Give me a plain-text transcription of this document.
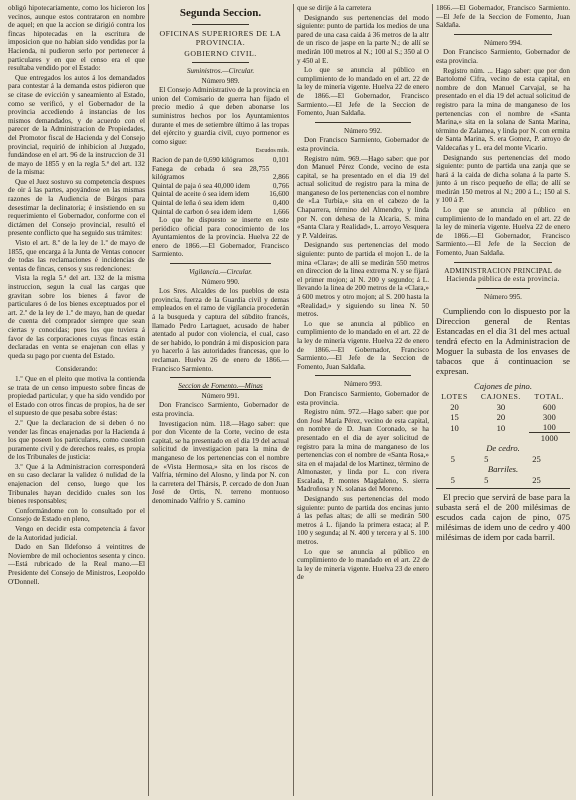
obligó hipotecariamente, como los hicieron los vecinos, aunque estos contrataron en nombre de aquel; en que la accion se dirigió contra los fincas hipotecadas en la escritura de imposicion que no habian sido vendidas por la Hacienda, ni pudieron serlo por pertenecer á particulares y en que el censo era el que resultaba vendido por el Estado:

Que entregados los autos á los demandados para contestar á la demanda estos pidieron que se citase de evicción y saneamiento al Estado, como se verificó, y el Gobernador de la provincia accediendo á instancias de los mismos demandados, y de acuerdo con el parecer de la Administracion de Propiedades, del Promotor fiscal de Hacienda y del Consejo provincial, requirió de inhibicion al Juzgado, fundándose en el art. 96 de la instruccion de 31 de mayo de 1855 y en la regla 5.ª del art. 132 de la misma:

Que el Juez sostuvo su competencia despues de oir á las partes, apoyándose en las mismas razones de la Audiencia de Búrgos para desestimar la declinatoria; é insistiendo en su requerimiento el Gobernador, conforme con el dictámen del Consejo provincial, resultó el presente conflicto que ha seguido sus trámites:

Visto el art. 8.º de la ley de 1.º de mayo de 1855, que encarga á la Junta de Ventas conocer de todas las reclamaciones é incidencias de ventas de fincas, censos y sus redenciones:

Vista la regla 5.ª del art. 132 de la misma instruccion, segun la cual las cargas que gravitan sobre los bienes á favor de particulares ó de los bienes exceptuados por el art. 2.º de la ley de 1.º de mayo, han de quedar de cuenta del comprador siempre que sean ciertas y conocidas; pues los que tuviera á favor de las corporaciones cuyas fincas están declaradas en venta se enajenan con ellas y queda su pago por cuenta del Estado.

Considerando:

1.º Que en el pleito que motiva la contienda se trata de un censo impuesto sobre fincas de propiedad particular, y que ha sido vendido por el Estado con otros fincas de propios, ha de ser el supuesto de que pesaba sobre éstas:

2.º Que la declaracion de si deben ó no vender las fincas enajenadas por la Hacienda á los que poseen los particulares, como cuestion puramente civil y de derechos reales, es propia de los Tribunales de justicia:

3.º Que á la Administracion corresponderá en su caso declarar la validez ó nulidad de la enajenacion del censo, luego que los Tribunales hayan decidido cuales son los bienes responsables;

Conformándome con lo consultado por el Consejo de Estado en pleno,

Vengo en decidir esta competencia á favor de la Autoridad judicial.

Dado en San Ildefonso á veintitres de Noviembre de mil ochocientos sesenta y cinco.—Está rubricado de la Real mano.—El Presidente del Consejo de Ministros, Leopoldo O'Donnell.

Segunda Seccion.
OFICINAS SUPERIORES DE LA PROVINCIA.
GOBIERNO CIVIL.

Suministros.—Circular.

Número 989.

El Consejo Administrativo de la provincia en union del Comisario de guerra han fijado el precio medio á que deben abonarse los suministros hechos por los Ayuntamientos durante el mes de setiembre último á las tropas del ejército y guardia civil, cuyo pormenor es como sigue:

Escudos mils.
Racion de pan de 0,690 kilógramos	0,101
Fanega de cebada ó sea 28,755 kilógramos	2,866
Quintal de paja ó sea 40,000 idem	0,766
Quintal de aceite ó sea idem idem	16,600
Quintal de leña ó sea idem idem	0,400
Quintal de carbon ó sea idem idem	1,666

Lo que he dispuesto se inserte en este periódico oficial para conocimiento de los Ayuntamientos de la provincia. Huelva 22 de enero de 1866.—El Gobernador, Francisco Sarmiento.

Vigilancia.—Circular.

Número 990.

Los Sres. Alcaldes de los pueblos de esta provincia, fuerza de la Guardia civil y demas empleados en el ramo de vigilancia procederán á la busqueda y captura del súbdito francés, llamado Pedro Lartaguet, acusado de haber atentado al pudor con violencia, el cual, caso de ser habido, lo pondrán á mi disposicion para yo hacerlo á las autoridades francesas, que lo reclaman. Huelva 26 de enero de 1866.—Francisco Sarmiento.

Seccion de Fomento.—Minas

Número 991.

Don Francisco Sarmiento, Gobernador de esta provincia.

Investigacion núm. 118.—Hago saber: que por don Vicente de la Corte, vecino de esta capital, se ha presentado en el dia 19 del actual solicitud de investigacion para la mina de manganeso de los pertenencias con el nombre de «Vista Hermosa,» sita en los riscos de Valfria, término del Alosno, y linda por N. con la carretera del Thársis, P. cercado de don Juan José de Ortis, N. terreno montuoso denominado Valfrio y S. camino

que se dirije á la carretera

Designando sus pertenencias del modo siguiente: punto de partida los medios de una pared de una casa caida á 36 metros de la altr de un risco de jaspe en la parte N.; de allí se medirán 100 metros al N.; 100 al S.; 350 al O y 450 al E.

Lo que se anuncia al público en cumplimiento de lo mandado en el art. 22 de la ley de minería vigente. Huelva 22 de enero de 1866.—El Gobernador, Francisco Sarmiento.—El Jefe de la Seccion de Fomento, Juan Saldaña.

Número 992.

Don Francisco Sarmiento, Gobernador de esta provincia.

Registro núm. 969.—Hago saber: que por don Manuel Pérez Conde, vecino de esta capital, se ha presentado en el dia 19 del actual solicitud de registro para la mina de manganeso de los pertenencias con el nombre de «La Turbia,» sita en el cabezo de la Chaparrera, término del Almendro, y linda por N. con dehesa de la Alcaria, S. mina «Santa Clara y Realidad», L. arroyo Vesquera y P. Valdeiras.

Designando sus pertenencias del modo siguiente: punto de partida el mojon L. de la mina «Clara»; de allí se medirán 550 metros en direccion de la linea extrema N. y se fijará el primer mojon; al N. 200 y segundo; á L. llevando la linea de 200 metros de la «Clara,» á 600 metros y otro mojon; al S. 200 hasta la «Realidad,» y siguiendo su linea N. 50 metros.

Lo que se anuncia al público en cumplimiento de lo mandado en el art. 22 de la ley de minería vigente. Huelva 22 de enero de 1866.—El Gobernador, Francisco Sarmiento.—El Jefe de la Seccion de Fomento, Juan Saldaña.

Número 993.

Don Francisco Sarmiento, Gobernador de esta provincia.

Registro núm. 972.—Hago saber: que por don José María Pérez, vecino de esta capital, en nombre de D. Juan Coronado, se ha presentado en el dia de ayer solicitud de registro para la mina de manganeso de los pertenencias con el nombre de «Santa Rosa,» sita en el majadal de los Martinez, término de Almonaster, y linda por L. con rivera Escalada, P. montes Magdaleno, S. sierra Madroñosa y N. solanas del Moreno.

Designando sus pertenencias del modo siguiente: punto de partida dos encinas junto á las peñas altas; de allí se medirán 500 metros á L. fijando la primera estaca; al P. 100 y segunda; al N. 400 y tercera y al S. 100 metros.

Lo que se anuncia al público en cumplimiento de lo mandado en el art. 22 de la ley de minería vigente. Huelva 23 de enero de

1866.—El Gobernador, Francisco Sarmiento.—El Jefe de la Seccion de Fomento, Juan Saldaña.

Número 994.

Don Francisco Sarmiento, Gobernador de esta provincia.

Registro núm. ... Hago saber: que por don Bartolomé Cifra, vecino de esta capital, en nombre de don Manuel Carvajal, se ha presentado en el dia 19 del actual solicitud de registro para la mina de manganeso de los pertenencias con el nombre de «Santa Marina,» sita en la solana de Santa Marina, término de Zalamea, y linda por N. con ermita de Santa Marina, S. era Gomez, P. arroyo de Valdecañas y L. era del monte Vicario.

Designando sus pertenencias del modo siguiente: punto de partida una zanja que se hará á la caida de dicha solana á la parte S. junto á un risco pequeño de ella; de allí se medirán 150 metros al N.; 200 á L.; 150 al S. y 100 á P.

Lo que se anuncia al público en cumplimiento de lo mandado en el art. 22 de la ley de minería vigente. Huelva 22 de enero de 1866.—El Gobernador, Francisco Sarmiento.—El Jefe de la Seccion de Fomento, Juan Saldaña.

ADMINISTRACION PRINCIPAL de Hacienda pública de esta provincia.

Número 995.

Cumpliendo con lo dispuesto por la Direccion general de Rentas Estancadas en el dia 31 del mes actual tendrá efecto en la Administracion de Moguer la subasta de los envases de tabacos que á continuacion se expresan.

Cajones de pino.

LOTES	CAJONES.	TOTAL.
20	30	600
15	20	300
10	10	100
		1000

De cedro.

5	5	25

Barriles.

5	5	25

El precio que servirá de base para la subasta será el de 200 milésimas de escudos cada cajon de pino, 075 milésimas de idem uno de cedro y 400 milésimas de idem por cada barril.
